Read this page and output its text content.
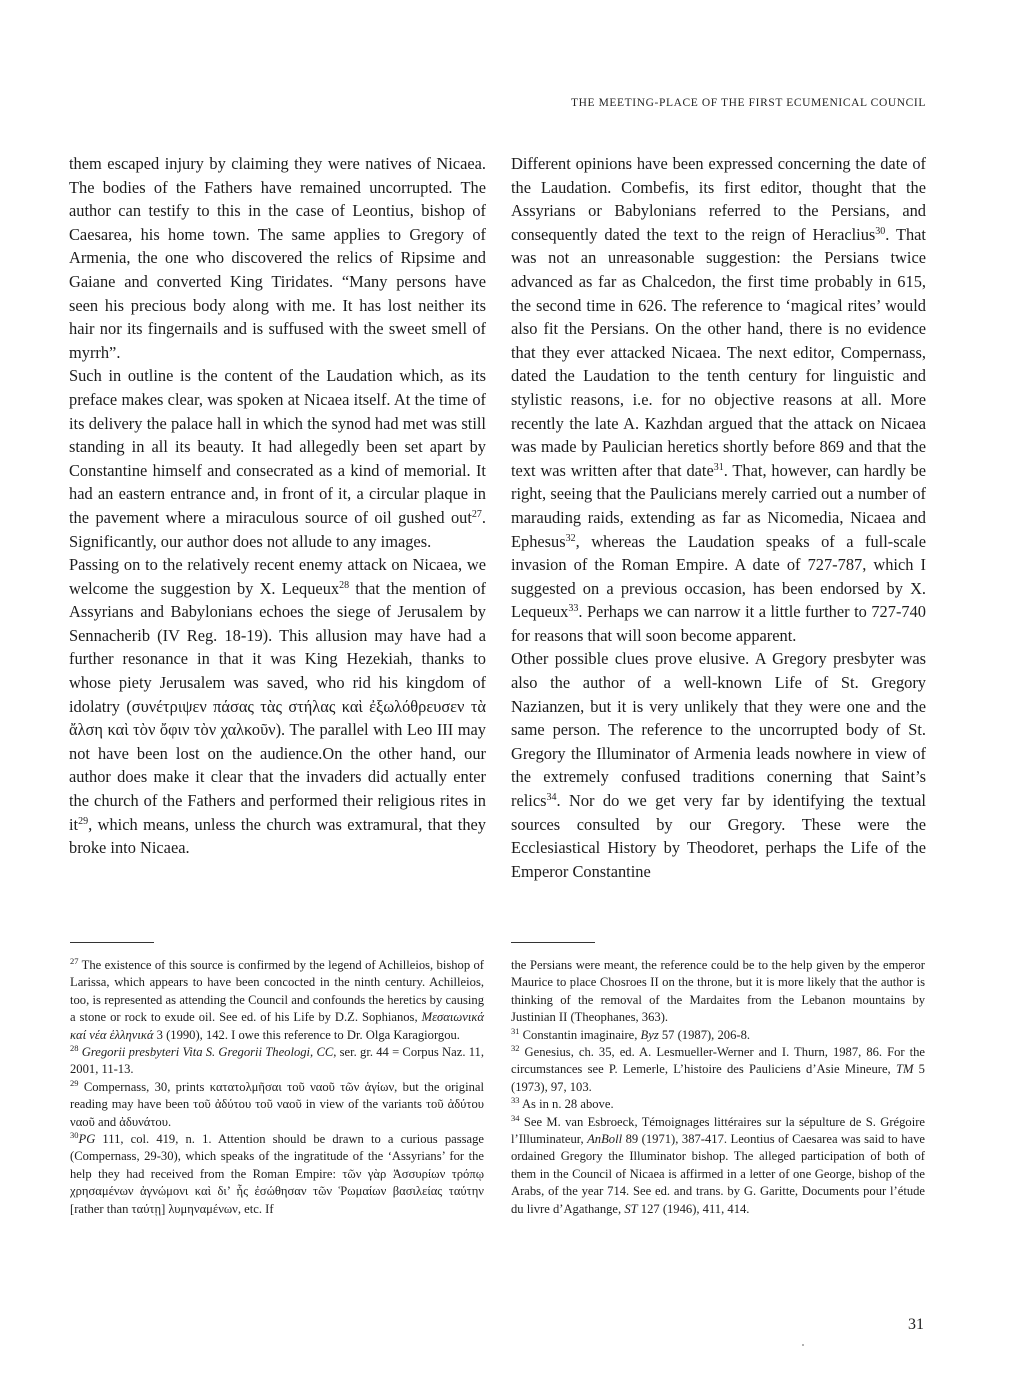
THE MEETING-PLACE OF THE FIRST ECUMENICAL COUNCIL

them escaped injury by claiming they were natives of Nicaea. The bodies of the Fathers have remained uncorrupted. The author can testify to this in the case of Leontius, bishop of Caesarea, his home town. The same applies to Gregory of Armenia, the one who discovered the relics of Ripsime and Gaiane and converted King Tiridates. “Many persons have seen his precious body along with me. It has lost neither its hair nor its fingernails and is suffused with the sweet smell of myrrh”.

Such in outline is the content of the Laudation which, as its preface makes clear, was spoken at Nicaea itself. At the time of its delivery the palace hall in which the synod had met was still standing in all its beauty. It had allegedly been set apart by Constantine himself and consecrated as a kind of memorial. It had an eastern entrance and, in front of it, a circular plaque in the pavement where a miraculous source of oil gushed out$^{27}$. Significantly, our author does not allude to any images.

Passing on to the relatively recent enemy attack on Nicaea, we welcome the suggestion by X. Lequeux$^{28}$ that the mention of Assyrians and Babylonians echoes the siege of Jerusalem by Sennacherib (IV Reg. 18-19). This allusion may have had a further resonance in that it was King Hezekiah, thanks to whose piety Jerusalem was saved, who rid his kingdom of idolatry (συνέτριψεν πάσας τὰς στήλας καὶ ἐξωλόθρευσεν τὰ ἄλση καὶ τὸν ὄφιν τὸν χαλκοῦν). The parallel with Leo III may not have been lost on the audience.On the other hand, our author does make it clear that the invaders did actually enter the church of the Fathers and performed their religious rites in $it^{29}$, which means, unless the church was extramural, that they broke into Nicaea.

Different opinions have been expressed concerning the date of the Laudation. Combefis, its first editor, thought that the Assyrians or Babylonians referred to the Persians, and consequently dated the text to the reign of Heraclius$^{30}$. That was not an unreasonable suggestion: the Persians twice advanced as far as Chalcedon, the first time probably in 615, the second time in 626. The reference to ‘magical rites’ would also fit the Persians. On the other hand, there is no evidence that they ever attacked Nicaea. The next editor, Compernass, dated the Laudation to the tenth century for linguistic and stylistic reasons, i.e. for no objective reasons at all. More recently the late A. Kazhdan argued that the attack on Nicaea was made by Paulician heretics shortly before 869 and that the text was written after that date$^{31}$. That, however, can hardly be right, seeing that the Paulicians merely carried out a number of marauding raids, extending as far as Nicomedia, Nicaea and Ephesus$^{32}$, whereas the Laudation speaks of a full-scale invasion of the Roman Empire. A date of 727-787, which I suggested on a previous occasion, has been endorsed by X. Lequeux$^{33}$. Perhaps we can narrow it a little further to 727-740 for reasons that will soon become apparent.

Other possible clues prove elusive. A Gregory presbyter was also the author of a well-known Life of St. Gregory Nazianzen, but it is very unlikely that they were one and the same person. The reference to the uncorrupted body of St. Gregory the Illuminator of Armenia leads nowhere in view of the extremely confused traditions conerning that Saint’s relics$^{34}$. Nor do we get very far by identifying the textual sources consulted by our Gregory. These were the Ecclesiastical History by Theodoret, perhaps the Life of the Emperor Constantine

$^{27}$ The existence of this source is confirmed by the legend of Achilleios, bishop of Larissa, which appears to have been concocted in the ninth century. Achilleios, too, is represented as attending the Council and confounds the heretics by causing a stone or rock to exude oil. See ed. of his Life by D.Z. Sophianos, Μεσαιωνικά καί νέα ἑλληνικά 3 (1990), 142. I owe this reference to Dr. Olga Karagiorgou.

$^{28}$ Gregorii presbyteri Vita S. Gregorii Theologi, CC, ser. gr. 44 = Corpus Naz. 11, 2001, 11-13.

$^{29}$ Compernass, 30, prints κατατολμῆσαι τοῦ ναοῦ τῶν ἁγίων, but the original reading may have been τοῦ ἀδύτου τοῦ ναοῦ in view of the variants τοῦ ἀδύτου ναοῦ and ἀδυνάτου.

$^{30}$PG 111, col. 419, n. 1. Attention should be drawn to a curious passage (Compernass, 29-30), which speaks of the ingratitude of the ‘Assyrians’ for the help they had received from the Roman Empire: τῶν γὰρ Ἀσσυρίων τρόπῳ χρησαμένων ἀγνώμονι καὶ δι’ ἧς ἐσώθησαν τῶν Ῥωμαίων βασιλείας ταύτην [rather than ταύτῃ] λυμηναμένων, etc. If

the Persians were meant, the reference could be to the help given by the emperor Maurice to place Chosroes II on the throne, but it is more likely that the author is thinking of the removal of the Mardaites from the Lebanon mountains by Justinian II (Theophanes, 363).

$^{31}$ Constantin imaginaire, Byz 57 (1987), 206-8.

$^{32}$ Genesius, ch. 35, ed. A. Lesmueller-Werner and I. Thurn, 1987, 86. For the circumstances see P. Lemerle, L’histoire des Pauliciens d’Asie Mineure, TM 5 (1973), 97, 103.

$^{33}$ As in n. 28 above.

$^{34}$ See M. van Esbroeck, Témoignages littéraires sur la sépulture de S. Grégoire l’Illuminateur, AnBoll 89 (1971), 387-417. Leontius of Caesarea was said to have ordained Gregory the Illuminator bishop. The alleged participation of both of them in the Council of Nicaea is affirmed in a letter of one George, bishop of the Arabs, of the year 714. See ed. and trans. by G. Garitte, Documents pour l’étude du livre d’Agathange, ST 127 (1946), 411, 414.

31
